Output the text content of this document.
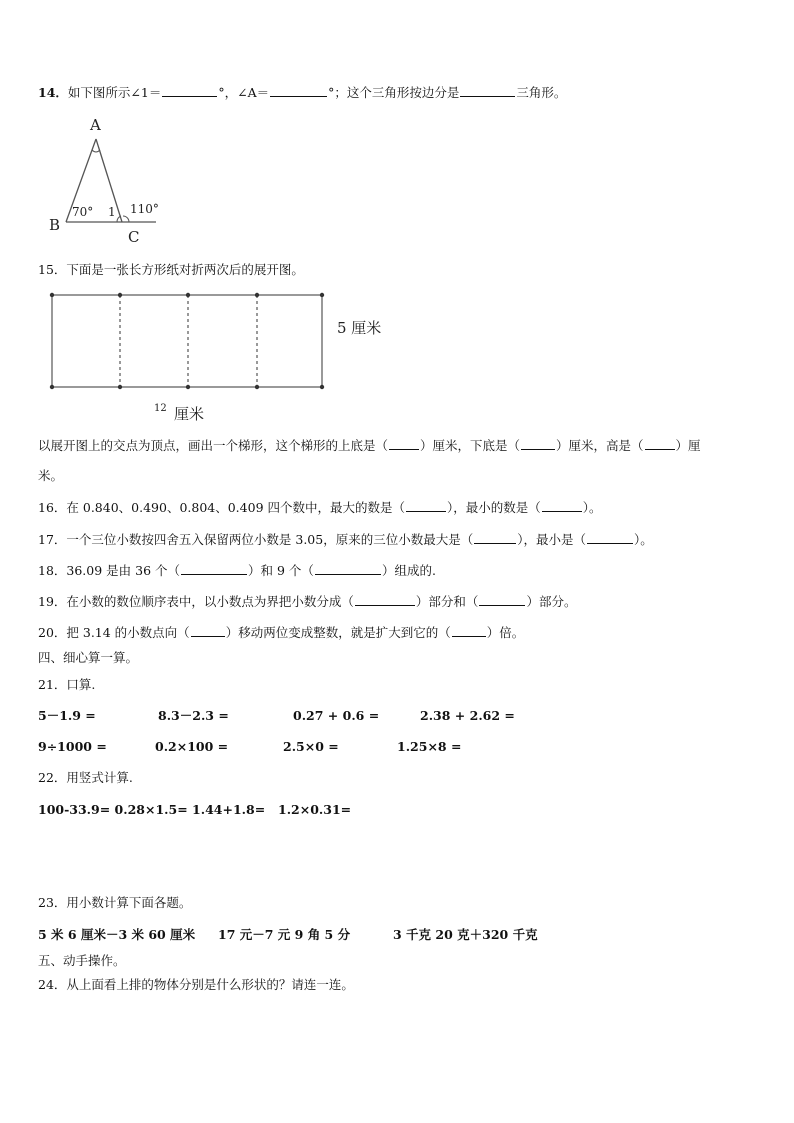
14．如下图所示∠1＝	°，∠A＝	°；这个三角形按边分是	三角形。
A
B
C
70° 1 110°
15．下面是一张长方形纸对折两次后的展开图。
5 厘米
12 厘米
以展开图上的交点为顶点，画出一个梯形，这个梯形的上底是（	）厘米，下底是（	）厘米，高是（	）厘
米。
16．在 0.840、0.490、0.804、0.409 四个数中，最大的数是（	），最小的数是（	）。
17．一个三位小数按四舍五入保留两位小数是 3.05，原来的三位小数最大是（	），最小是（	）。
18．36.09 是由 36 个（	）和 9 个（	）组成的.
19．在小数的数位顺序表中，以小数点为界把小数分成（	）部分和（	）部分。
20．把 3.14 的小数点向（	）移动两位变成整数，就是扩大到它的（	）倍。
四、细心算一算。
21．口算.
5－1.9 =	8.3－2.3 =	0.27 + 0.6 =	2.38 + 2.62 =
9÷1000 =	0.2×100 =	2.5×0 =	1.25×8 =
22．用竖式计算.
100-33.9= 0.28×1.5= 1.44+1.8= 1.2×0.31=
23．用小数计算下面各题。
5 米 6 厘米－3 米 60 厘米 17 元－7 元 9 角 5 分	3 千克 20 克＋320 千克
五、动手操作。
24．从上面看上排的物体分别是什么形状的？请连一连。
